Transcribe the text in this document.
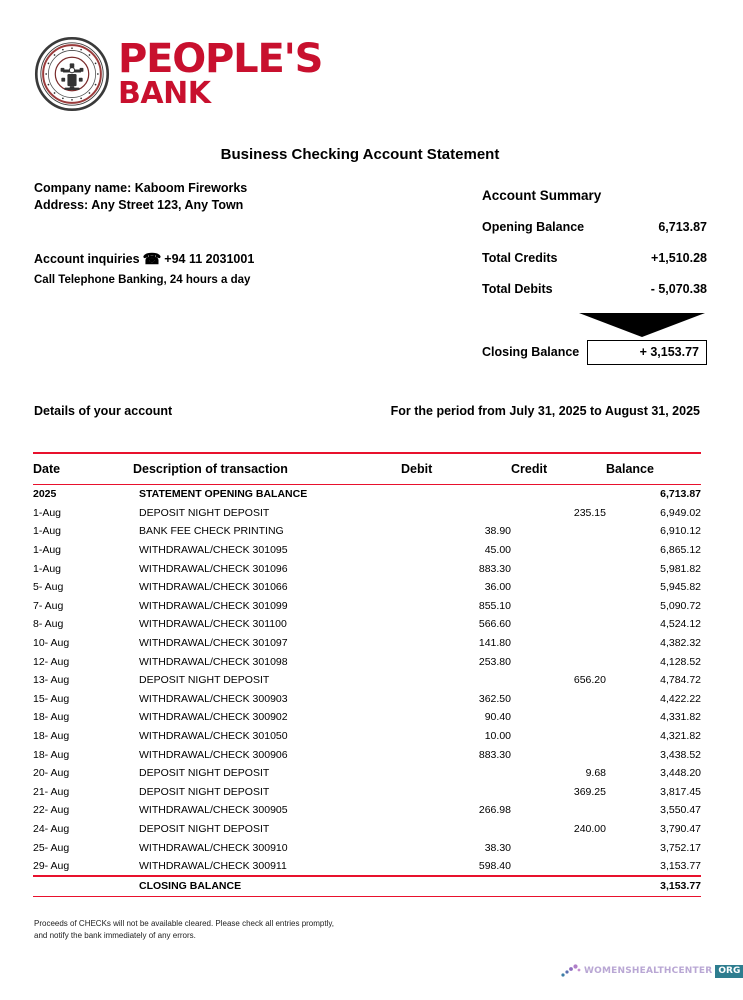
PEOPLE'S
BANK
Business Checking Account Statement
Company name: Kaboom Fireworks
Address: Any Street 123, Any Town
Account inquiries ☎ +94 11 2031001
Call Telephone Banking, 24 hours a day
Account Summary
Opening Balance	6,713.87
Total Credits	+1,510.28
Total Debits	- 5,070.38
Closing Balance	+ 3,153.77
Details of your account	For the period from July 31, 2025 to August 31, 2025
Date	Description of transaction	Debit	Credit	Balance
2025	STATEMENT OPENING BALANCE			6,713.87
1-Aug	DEPOSIT NIGHT DEPOSIT		235.15	6,949.02
1-Aug	BANK FEE CHECK PRINTING	38.90		6,910.12
1-Aug	WITHDRAWAL/CHECK 301095	45.00		6,865.12
1-Aug	WITHDRAWAL/CHECK 301096	883.30		5,981.82
5- Aug	WITHDRAWAL/CHECK 301066	36.00		5,945.82
7- Aug	WITHDRAWAL/CHECK 301099	855.10		5,090.72
8- Aug	WITHDRAWAL/CHECK 301100	566.60		4,524.12
10- Aug	WITHDRAWAL/CHECK 301097	141.80		4,382.32
12- Aug	WITHDRAWAL/CHECK 301098	253.80		4,128.52
13- Aug	DEPOSIT NIGHT DEPOSIT		656.20	4,784.72
15- Aug	WITHDRAWAL/CHECK 300903	362.50		4,422.22
18- Aug	WITHDRAWAL/CHECK 300902	90.40		4,331.82
18- Aug	WITHDRAWAL/CHECK 301050	10.00		4,321.82
18- Aug	WITHDRAWAL/CHECK 300906	883.30		3,438.52
20- Aug	DEPOSIT NIGHT DEPOSIT		9.68	3,448.20
21- Aug	DEPOSIT NIGHT DEPOSIT		369.25	3,817.45
22- Aug	WITHDRAWAL/CHECK 300905	266.98		3,550.47
24- Aug	DEPOSIT NIGHT DEPOSIT		240.00	3,790.47
25- Aug	WITHDRAWAL/CHECK 300910	38.30		3,752.17
29- Aug	WITHDRAWAL/CHECK 300911	598.40		3,153.77
	CLOSING BALANCE			3,153.77
Proceeds of CHECKs will not be available cleared. Please check all entries promptly, and notify the bank immediately of any errors.
WOMENSHEALTHCENTER ORG
